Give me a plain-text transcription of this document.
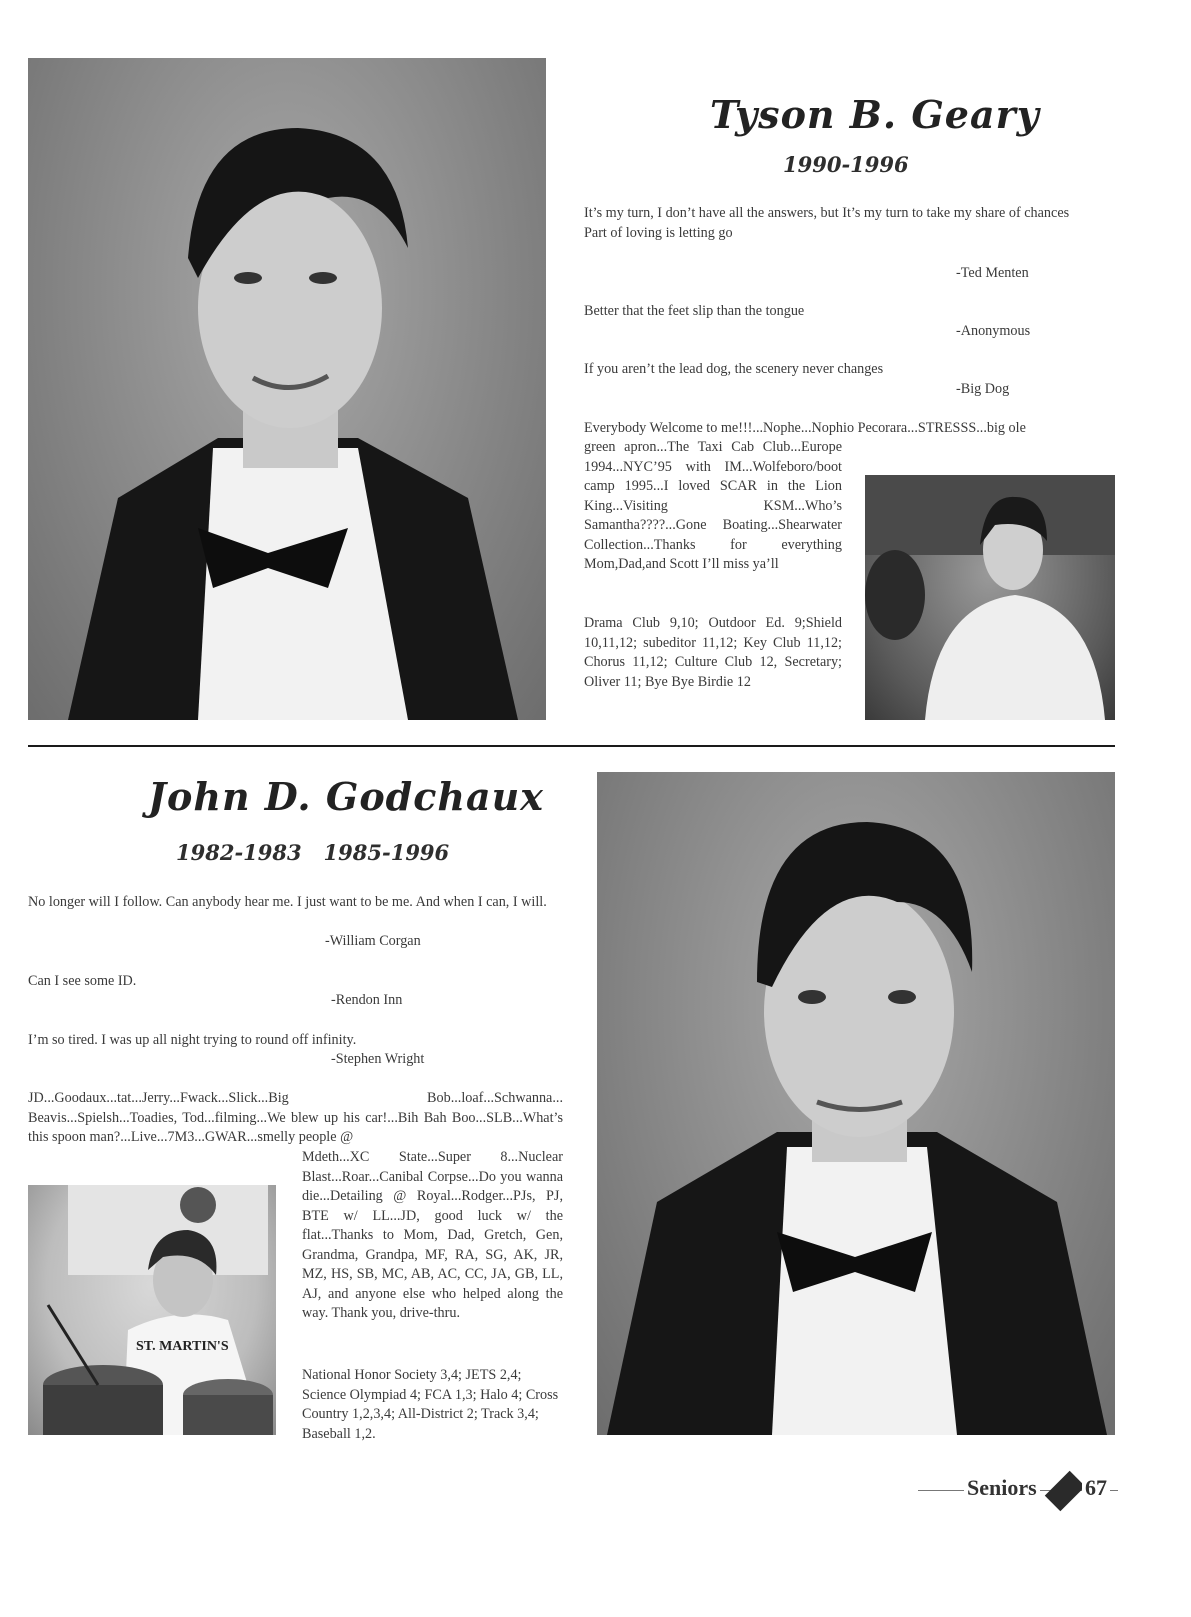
Tyson B. Geary
1990-1996

It’s my turn, I don’t have all the answers, but It’s my turn to take my share of chances
Part of loving is letting go

-Ted Menten

Better that the feet slip than the tongue

-Anonymous

If you aren’t the lead dog, the scenery never changes

-Big Dog
Everybody Welcome to me!!!...Nophe...Nophio Pecorara...STRESSS...big ole

green apron...The Taxi Cab Club...Europe 1994...NYC’95 with IM...Wolfeboro/boot camp 1995...I loved SCAR in the Lion King...Visiting KSM...Who’s Samantha????...Gone Boating...Shearwater Collection...Thanks for everything Mom,Dad,and Scott I’ll miss ya’ll

Drama Club 9,10; Outdoor Ed. 9;Shield 10,11,12; subeditor 11,12; Key Club 11,12; Chorus 11,12; Culture Club 12, Secretary; Oliver 11; Bye Bye Birdie 12

John D. Godchaux
1982-1983   1985-1996

No longer will I follow. Can anybody hear me. I just want to be me. And when I can, I will.

-William Corgan

Can I see some ID.

-Rendon Inn

I’m so tired. I was up all night trying to round off infinity.

-Stephen Wright

JD...Goodaux...tat...Jerry...Fwack...Slick...Big Bob...loaf...Schwanna... Beavis...Spielsh...Toadies, Tod...filming...We blew up his car!...Bih Bah Boo...SLB...What’s this spoon man?...Live...7M3...GWAR...smelly people @

Mdeth...XC State...Super 8...Nuclear Blast...Roar...Canibal Corpse...Do you wanna die...Detailing @ Royal...Rodger...PJs, PJ, BTE w/ LL...JD, good luck w/ the flat...Thanks to Mom, Dad, Gretch, Gen, Grandma, Grandpa, MF, RA, SG, AK, JR, MZ, HS, SB, MC, AB, AC, CC, JA, GB, LL, AJ, and anyone else who helped along the way. Thank you, drive-thru.

National Honor Society 3,4; JETS 2,4; Science Olympiad 4; FCA 1,3; Halo 4; Cross Country 1,2,3,4; All-District 2; Track 3,4; Baseball 1,2.

ST. MARTIN'S
Seniors 67
